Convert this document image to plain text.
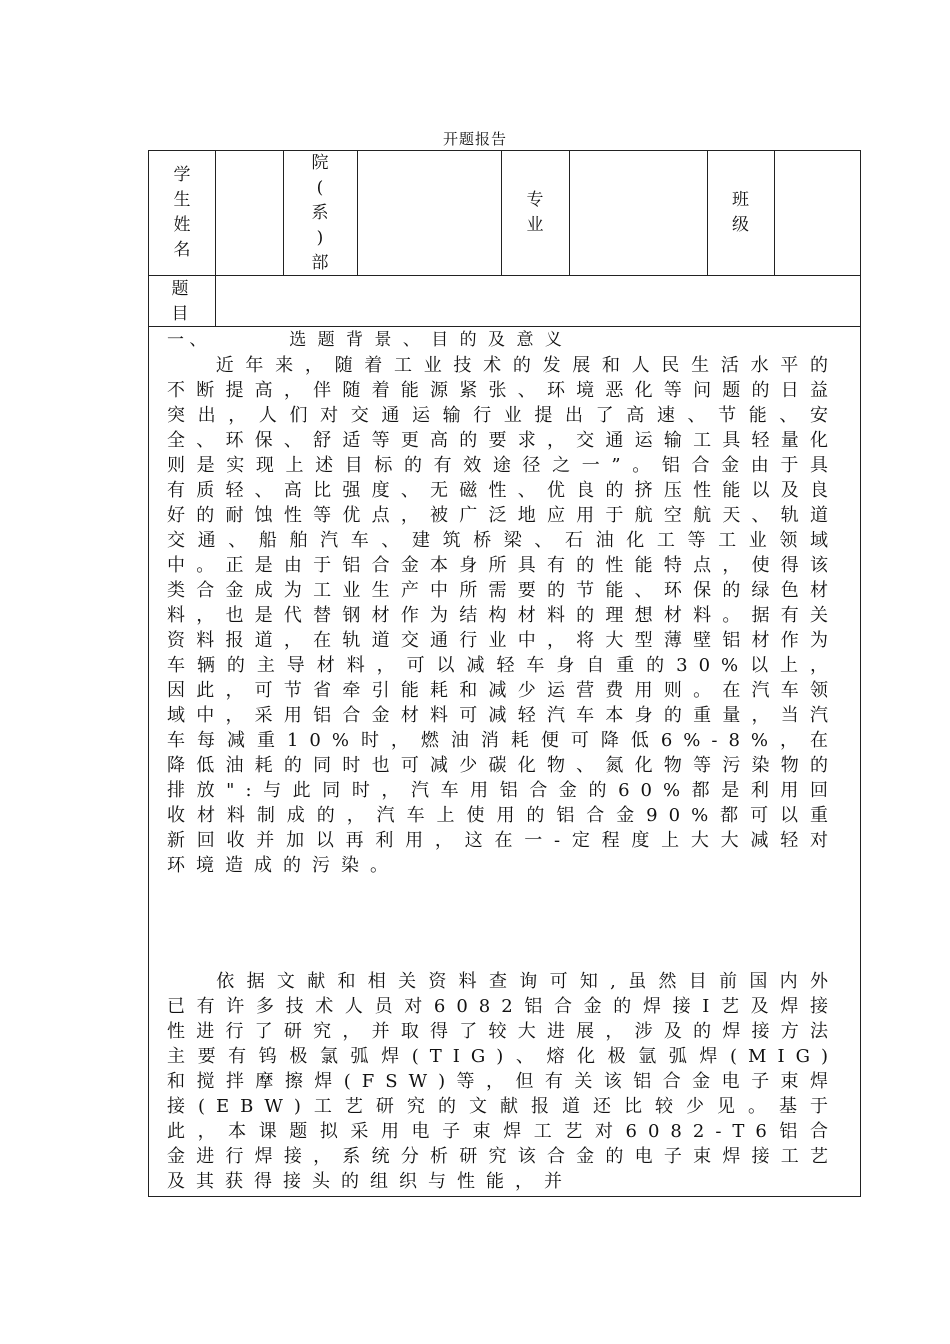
开题报告
学
生
姓
名
院
(
系
)
部
专
业
班
级
题
目
一 、	选 题 背 景 、 目 的 及 意 义
近年来，随着工业技术的发展和人民生活水平的不断提高，伴随着能源紧张、环境恶化等问题的日益突出，人们对交通运输行业提出了高速、节能、安全、环保、舒适等更高的要求，交通运输工具轻量化则是实现上述目标的有效途径之一”。铝合金由于具有质轻、高比强度、无磁性、优良的挤压性能以及良好的耐蚀性等优点，被广泛地应用于航空航天、轨道交通、船舶汽车、建筑桥梁、石油化工等工业领域中。正是由于铝合金本身所具有的性能特点，使得该类合金成为工业生产中所需要的节能、环保的绿色材料，也是代替钢材作为结构材料的理想材料。据有关资料报道，在轨道交通行业中，将大型薄壁铝材作为车辆的主导材料，可以减轻车身自重的30%以上，因此，可节省牵引能耗和减少运营费用则。在汽车领域中，采用铝合金材料可减轻汽车本身的重量，当汽车每减重10%时，燃油消耗便可降低6%-8%，在降低油耗的同时也可减少碳化物、氮化物等污染物的排放":与此同时，汽车用铝合金的60%都是利用回收材料制成的，汽车上使用的铝合金90%都可以重新回收并加以再利用，这在一-定程度上大大减轻对环境造成的污染。
依据文献和相关资料查询可知,虽然目前国内外已有许多技术人员对6082铝合金的焊接I艺及焊接性进行了研究，并取得了较大进展，涉及的焊接方法主要有钨极氯弧焊(TIG)、熔化极氩弧焊(MIG)和搅拌摩擦焊(FSW)等，但有关该铝合金电子束焊接(EBW)工艺研究的文献报道还比较少见。基于此，本课题拟采用电子束焊工艺对6082-T6铝合金进行焊接，系统分析研究该合金的电子束焊接工艺及其获得接头的组织与性能，并
